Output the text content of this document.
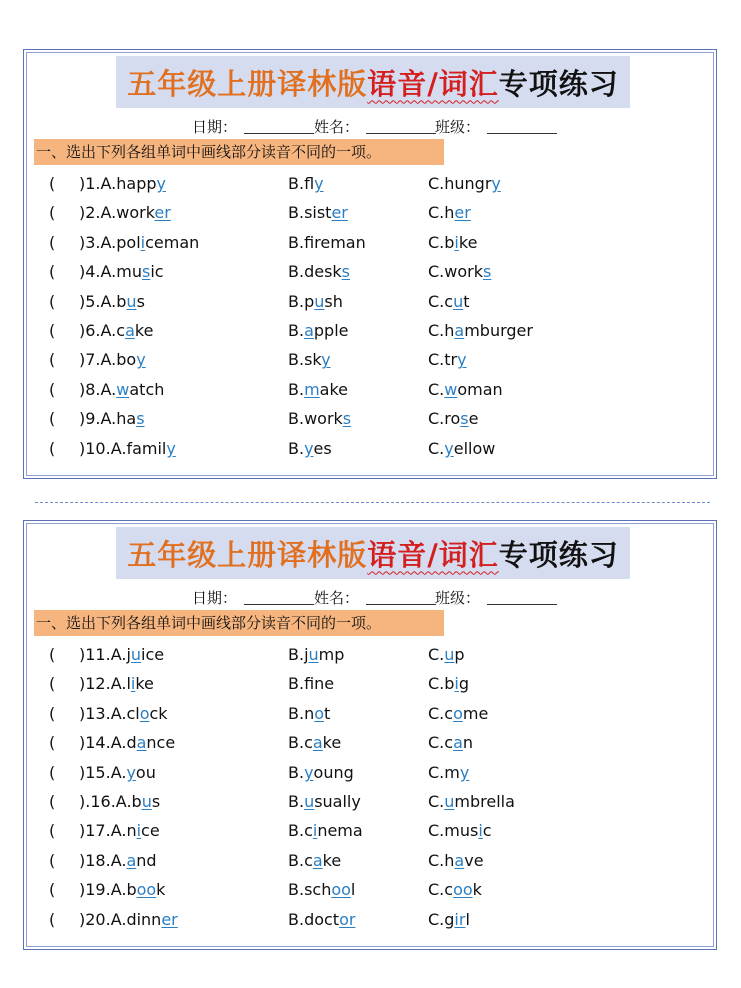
五年级上册译林版 语音/词汇 专项练习
日期：	姓名：	班级：
一、选出下列各组单词中画线部分读音不同的一项。
( )1.A.happy	B.fly	C.hungry
( )2.A.worker	B.sister	C.her
( )3.A.policeman	B.freman	C.bike
( )4.A.music	B.desks	C.works
( )5.A.bus	B.push	C.cut
( )6.A.cake	B.apple	C.hamburger
( )7.A.boy	B.sky	C.try
( )8.A.watch	B.make	C.woman
( )9.A.has	B.works	C.rose
( )10.A.family	B.yes	C.yellow
五年级上册译林版 语音/词汇 专项练习
日期：	姓名：	班级：
一、选出下列各组单词中画线部分读音不同的一项。
( )11.A.juice	B.jump	C.up
( )12.A.like	B.fne	C.big
( )13.A.clock	B.not	C.come
( )14.A.dance	B.cake	C.can
( )15.A.you	B.young	C.my
( ).16.A.bus	B.usually	C.umbrella
( )17.A.nice	B.cinema	C.music
( )18.A.and	B.cake	C.have
( )19.A.book	B.school	C.cook
( )20.A.dinner	B.doctor	C.girl
